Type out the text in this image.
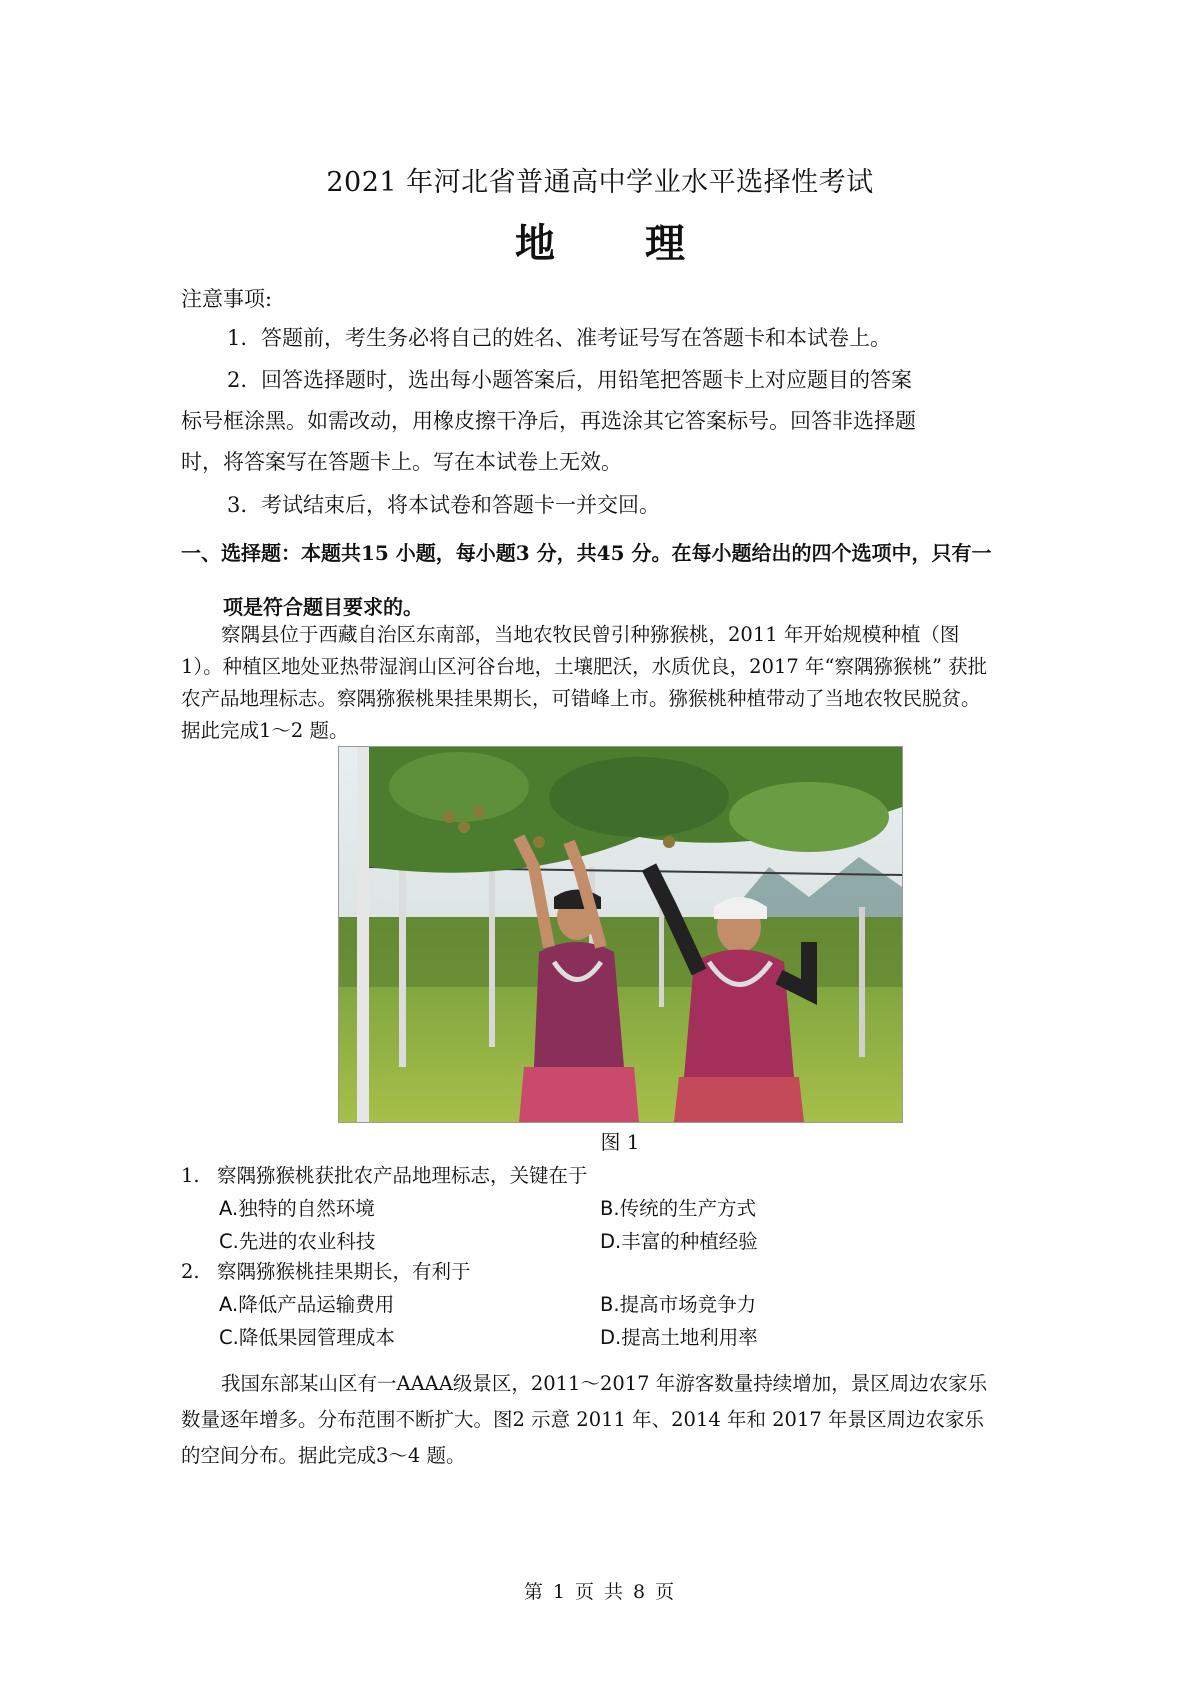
2021 年河北省普通高中学业水平选择性考试
地 理
注意事项:
1. 答题前，考生务必将自己的姓名、准考证号写在答题卡和本试卷上。
2. 回答选择题时，选出每小题答案后，用铅笔把答题卡上对应题目的答案
标号框涂黑。如需改动，用橡皮擦干净后，再选涂其它答案标号。回答非选择题
时，将答案写在答题卡上。写在本试卷上无效。
3. 考试结束后，将本试卷和答题卡一并交回。
一、选择题：本题共15 小题，每小题3 分，共45 分。在每小题给出的四个选项中，只有一
项是符合题目要求的。
察隅县位于西藏自治区东南部，当地农牧民曾引种猕猴桃，2011 年开始规模种植（图
1）。种植区地处亚热带湿润山区河谷台地，土壤肥沃，水质优良，2017 年“察隅猕猴桃” 获批
农产品地理标志。察隅猕猴桃果挂果期长，可错峰上市。猕猴桃种植带动了当地农牧民脱贫。
据此完成1～2 题。
图 1
1. 察隅猕猴桃获批农产品地理标志，关键在于
A.独特的自然环境	B.传统的生产方式
C.先进的农业科技	D.丰富的种植经验
2. 察隅猕猴桃挂果期长，有利于
A.降低产品运输费用	B.提高市场竞争力
C.降低果园管理成本	D.提高土地利用率
我国东部某山区有一AAAA级景区，2011～2017 年游客数量持续增加，景区周边农家乐
数量逐年增多。分布范围不断扩大。图2 示意 2011 年、2014 年和 2017 年景区周边农家乐
的空间分布。据此完成3～4 题。
第 1 页 共 8 页
